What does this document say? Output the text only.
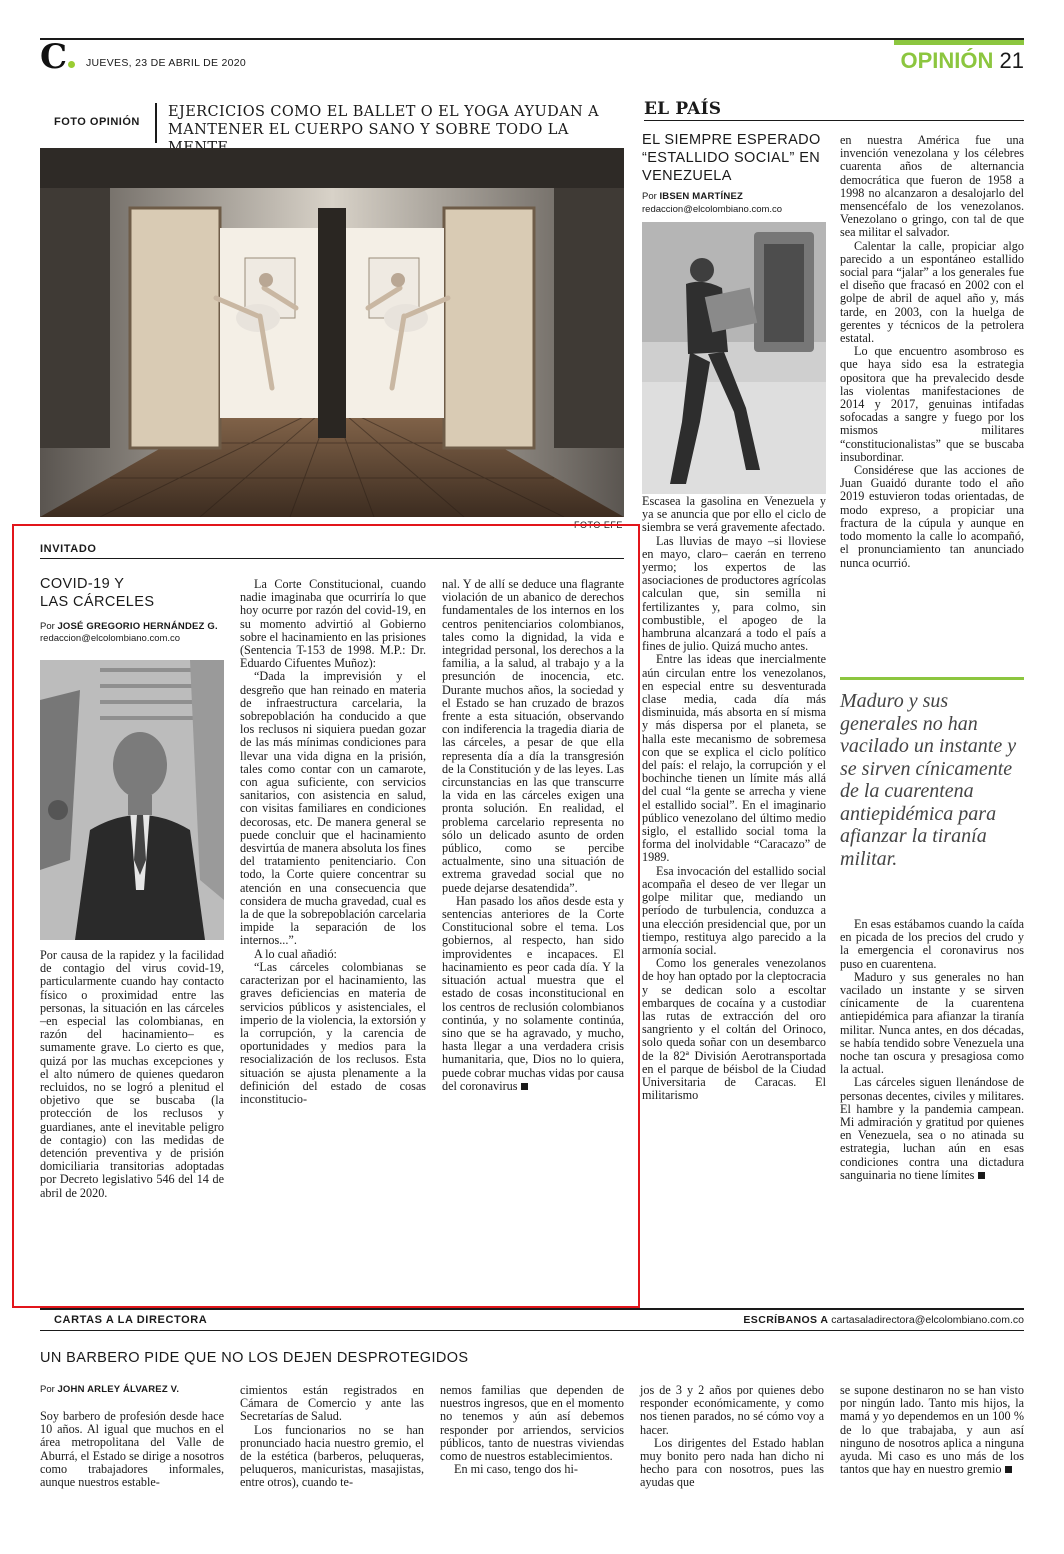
C	JUEVES, 23 DE ABRIL DE 2020	OPINIÓN 21
FOTO OPINIÓN
EJERCICIOS COMO EL BALLET O EL YOGA AYUDAN A MANTENER EL CUERPO SANO Y SOBRE TODO LA
FOTO EFE
INVITADO
COVID-19 Y
LAS CÁRCELES
Por JOSÉ GREGORIO HERNÁNDEZ G.
redaccion@elcolombiano.com.co

Por causa de la rapidez y la facilidad de contagio del virus covid-19, particularmente cuando hay contacto físico o proximidad entre las personas, la situación en las cárceles –en especial las colombianas, en razón del hacinamiento– es sumamente grave. Lo cierto es que, quizá por las muchas excepciones y el alto número de quienes quedaron recluidos, no se logró a plenitud el objetivo que se buscaba (la protección de los reclusos y guardianes, ante el inevitable peligro de contagio) con las medidas de detención preventiva y de prisión domiciliaria transitorias adoptadas por Decreto legislativo 546 del 14 de abril de 2020.

La Corte Constitucional, cuando nadie imaginaba que ocurriría lo que hoy ocurre por razón del covid-19, en su momento advirtió al Gobierno sobre el hacinamiento en las prisiones (Sentencia T-153 de 1998. M.P.: Dr. Eduardo Cifuentes Muñoz):

“Dada la imprevisión y el desgreño que han reinado en materia de infraestructura carcelaria, la sobrepoblación ha conducido a que los reclusos ni siquiera puedan gozar de las más mínimas condiciones para llevar una vida digna en la prisión, tales como contar con un camarote, con agua suficiente, con servicios sanitarios, con asistencia en salud, con visitas familiares en condiciones decorosas, etc. De manera general se puede concluir que el hacinamiento desvirtúa de manera absoluta los fines del tratamiento penitenciario. Con todo, la Corte quiere concentrar su atención en una consecuencia que considera de mucha gravedad, cual es la de que la sobrepoblación carcelaria impide la separación de los internos...”.

A lo cual añadió:

“Las cárceles colombianas se caracterizan por el hacinamiento, las graves deficiencias en materia de servicios públicos y asistenciales, el imperio de la violencia, la extorsión y la corrupción, y la carencia de oportunidades y medios para la resocialización de los reclusos. Esta situación se ajusta plenamente a la definición del estado de cosas inconstitucio-

nal. Y de allí se deduce una flagrante violación de un abanico de derechos fundamentales de los internos en los centros penitenciarios colombianos, tales como la dignidad, la vida e integridad personal, los derechos a la familia, a la salud, al trabajo y a la presunción de inocencia, etc. Durante muchos años, la sociedad y el Estado se han cruzado de brazos frente a esta situación, observando con indiferencia la tragedia diaria de las cárceles, a pesar de que ella representa día a día la transgresión de la Constitución y de las leyes. Las circunstancias en las que transcurre la vida en las cárceles exigen una pronta solución. En realidad, el problema carcelario representa no sólo un delicado asunto de orden público, como se percibe actualmente, sino una situación de extrema gravedad social que no puede dejarse desatendida”.

Han pasado los años desde esta y sentencias anteriores de la Corte Constitucional sobre el tema. Los gobiernos, al respecto, han sido improvidentes e incapaces. El hacinamiento es peor cada día. Y la situación actual muestra que el estado de cosas inconstitucional en los centros de reclusión colombianos continúa, y no solamente continúa, sino que se ha agravado, y mucho, hasta llegar a una verdadera crisis humanitaria, que, Dios no lo quiera, puede cobrar muchas vidas por causa del coronavirus

EL PAÍS
EL SIEMPRE ESPERADO “ESTALLIDO SOCIAL” EN VENEZUELA
Por IBSEN MARTÍNEZ
redaccion@elcolombiano.com.co

Escasea la gasolina en Venezuela y ya se anuncia que por ello el ciclo de siembra se verá gravemente afectado.

Las lluvias de mayo –si lloviese en mayo, claro– caerán en terreno yermo; los expertos de las asociaciones de productores agrícolas calculan que, sin semilla ni fertilizantes y, para colmo, sin combustible, el apogeo de la hambruna alcanzará a todo el país a fines de julio. Quizá mucho antes.

Entre las ideas que inercialmente aún circulan entre los venezolanos, en especial entre su desventurada clase media, cada día más disminuida, más absorta en sí misma y más dispersa por el planeta, se halla este mecanismo de sobremesa con que se explica el ciclo político del país: el relajo, la corrupción y el bochinche tienen un límite más allá del cual “la gente se arrecha y viene el estallido social”. En el imaginario público venezolano del último medio siglo, el estallido social toma la forma del inolvidable “Caracazo” de 1989.

Esa invocación del estallido social acompaña el deseo de ver llegar un golpe militar que, mediando un período de turbulencia, conduzca a una elección presidencial que, por un tiempo, restituya algo parecido a la armonía social.

Como los generales venezolanos de hoy han optado por la cleptocracia y se dedican solo a escoltar embarques de cocaína y a custodiar las rutas de extracción del oro sangriento y el coltán del Orinoco, solo queda soñar con un desembarco de la 82ª División Aerotransportada en el parque de béisbol de la Ciudad Universitaria de Caracas. El militarismo

en nuestra América fue una invención venezolana y los célebres cuarenta años de alternancia democrática que fueron de 1958 a 1998 no alcanzaron a desalojarlo del mensencéfalo de los venezolanos. Venezolano o gringo, con tal de que sea militar el salvador.

Calentar la calle, propiciar algo parecido a un espontáneo estallido social para “jalar” a los generales fue el diseño que fracasó en 2002 con el golpe de abril de aquel año y, más tarde, en 2003, con la huelga de gerentes y técnicos de la petrolera estatal.

Lo que encuentro asombroso es que haya sido esa la estrategia opositora que ha prevalecido desde las violentas manifestaciones de 2014 y 2017, genuinas intifadas sofocadas a sangre y fuego por los mismos militares “constitucionalistas” que se buscaba insubordinar.

Considérese que las acciones de Juan Guaidó durante todo el año 2019 estuvieron todas orientadas, de modo expreso, a propiciar una fractura de la cúpula y aunque en todo momento la calle lo acompañó, el pronunciamiento tan anunciado nunca ocurrió.

Maduro y sus generales no han vacilado un instante y se sirven cínicamente de la cuarentena antiepidémica para afianzar la tiranía militar.

En esas estábamos cuando la caída en picada de los precios del crudo y la emergencia el coronavirus nos puso en cuarentena.

Maduro y sus generales no han vacilado un instante y se sirven cínicamente de la cuarentena antiepidémica para afianzar la tiranía militar. Nunca antes, en dos décadas, se había tendido sobre Venezuela una noche tan oscura y presagiosa como la actual.

Las cárceles siguen llenándose de personas decentes, civiles y militares. El hambre y la pandemia campean. Mi admiración y gratitud por quienes en Venezuela, sea o no atinada su estrategia, luchan aún en esas condiciones contra una dictadura sanguinaria no tiene límites

CARTAS A LA DIRECTORA	ESCRÍBANOS A cartasaladirectora@elcolombiano.com.co
UN BARBERO PIDE QUE NO LOS DEJEN DESPROTEGIDOS
Por JOHN ARLEY ÁLVAREZ V.

Soy barbero de profesión desde hace 10 años. Al igual que muchos en el área metropolitana del Valle de Aburrá, el Estado se dirige a nosotros como trabajadores informales, aunque nuestros estable-

cimientos están registrados en Cámara de Comercio y ante las Secretarías de Salud.

Los funcionarios no se han pronunciado hacia nuestro gremio, el de la estética (barberos, peluqueras, peluqueros, manicuristas, masajistas, entre otros), cuando te-

nemos familias que dependen de nuestros ingresos, que en el momento no tenemos y aún así debemos responder por arriendos, servicios públicos, tanto de nuestras viviendas como de nuestros establecimientos.

En mi caso, tengo dos hi-

jos de 3 y 2 años por quienes debo responder económicamente, y como nos tienen parados, no sé cómo voy a hacer.

Los dirigentes del Estado hablan muy bonito pero nada han dicho ni hecho para con nosotros, pues las ayudas que

se supone destinaron no se han visto por ningún lado. Tanto mis hijos, la mamá y yo dependemos en un 100 % de lo que trabajaba, y aun así ninguno de nosotros aplica a ninguna ayuda. Mi caso es uno más de los tantos que hay en nuestro gremio
